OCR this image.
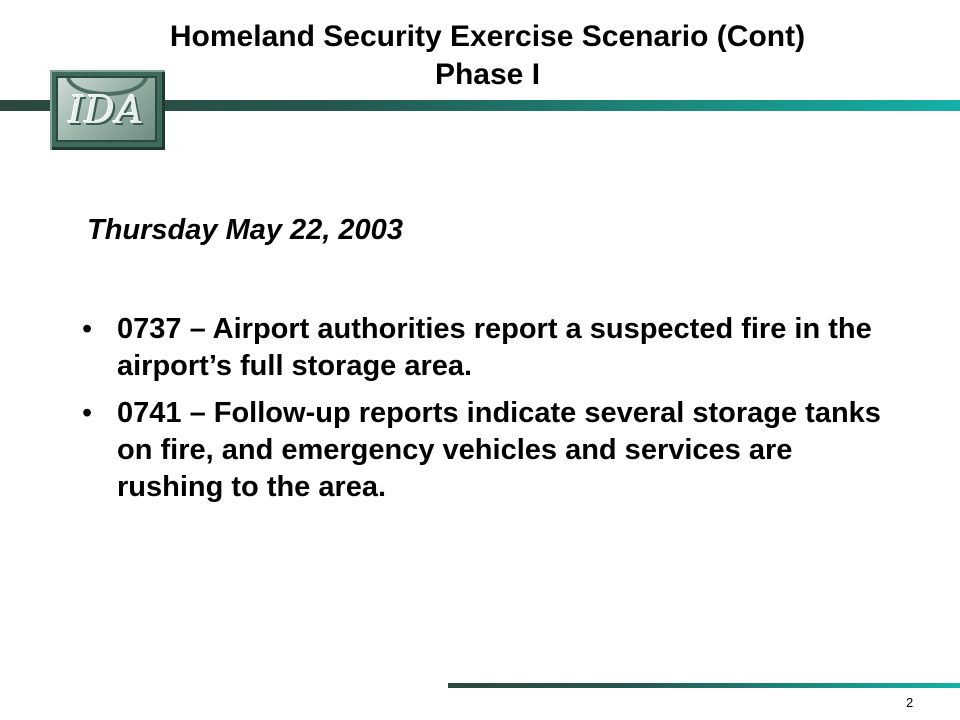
Homeland Security Exercise Scenario (Cont)
Phase I
IDA

Thursday May 22, 2003

• 0737 – Airport authorities report a suspected fire in the airport’s full storage area.
• 0741 – Follow-up reports indicate several storage tanks on fire, and emergency vehicles and services are rushing to the area.
2
